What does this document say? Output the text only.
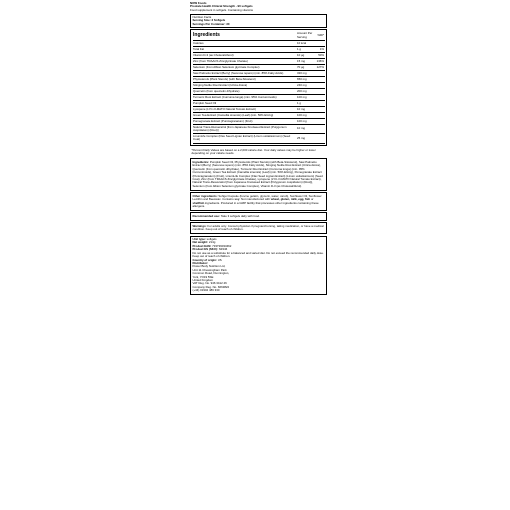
NOW Foods

Prostate Health Clinical Strength - 90 softgels

Food supplement in softgels. Containing vitamins

Nutrition Facts

Serving Size: 3 Softgels

Servings Per Container: 30

Ingredients	Amount Per Serving	%RI*
Calories	10 kcal	
Total Fat	1 g	1%
Vitamin D-3 (as Cholecalciferol)	10 µg	50%
Zinc (from TRAACS Zincglycinate Chelate)	15 mg	136%
Selenium (from Albion Selenium glycinate Complex)	70 µg	127%
Saw Palmetto Extract (Berry) (Serenoa repens) (min. 85% Fatty Acids)	320 mg	
Phytosterols (Plant Sterols) (with Beta-Sitosterol)	650 mg	
Stinging Nettle Root Extract (Urtica dioica)	240 mg	
Quercetin (from quercetin dihydrate)	200 mg	
Turmeric Root Extract (Curcuma longa) (min. 95% Curcuminoids)	100 mg	
Pumpkin Seed Oil	1 g	
Lycopene (LYC-O-MATO Natural Tomato Extract)	10 mg	
Green Tea Extract (Camellia sinensis) (Leaf) (min. 50% EGCg)	100 mg	
Pomegranate Extract (Punicagranatum) (Fruit)	100 mg	
Natural Trans-Resveratrol [from Japanese Knotweed Extract (Polygonum cuspidatum) (Root)]	10 mg	
LinumLife Complex (Flax Seed Lignan Extract) (Linum usitatissimum) (Seed Coat)	25 mg	
*Percent Daily Values are based on a 2,000 calorie diet. Your daily values may be higher or lower depending on your calorie needs.

Ingredients: Pumpkin Seed Oil, Phytosterols (Plant Sterols) (with Beta-Sitosterol), Saw Palmetto Extract (Berry) (Serenoa repens) (min. 85% Fatty Acids), Stinging Nettle Root Extract (Urtica dioica), Quercetin (from quercetin dihydrate), Turmeric Root Extract (Curcuma longa) (min. 95% Curcuminoids), Green Tea Extract (Camellia sinensis) (Leaf) (min. 50% EGCg), Pomegranate Extract (Punicagranatum) (Fruit), LinumLife Complex (Flax Seed Lignan Extract) (Linum usitatissimum) (Seed Coat), Zinc (from TRAACS Zincglycinate Chelate), Lycopene (LYC-O-MATO Natural Tomato Extract), Natural Trans-Resveratrol [from Japanese Knotweed Extract (Polygonum cuspidatum) (Root)], Selenium (from Albion Selenium glycinate Complex), Vitamin D-3 (as Cholecalciferol).

Other ingredients: Softgel Capsule (bovine gelatin, glycerin, water, carob), Sunflower Oil, Sunflower Lecithin and Beeswax. Contains soy. Not manufactured with wheat, gluten, milk, egg, fish or shellfish ingredients. Produced in a GMP facility that processes other ingredients containing these allergens.

Recommended use: Take 3 softgels daily with food.

Warnings: For adults only. Consult physician if pregnant/nursing, taking medication, or have a medical condition. Keep out of reach of children.

Unit type: softgels

Net weight: 214g

Product EAN: 733739033462

Product ES (SKU): N3346

Do not use as a substitute for a balanced and varied diet. Do not exceed the recommended daily dose. Keep out of reach of children.

Country of origin: US

Distributor:

Power Body Nutrition Ltd,

Unit 11 Chessingham Park

Common Road, Dunnington,

York, YO19 5SE

United Kingdom

VAT Reg. No. 946 3412 46

Company Reg. No. 6663822

(+44) 01904 486 330
